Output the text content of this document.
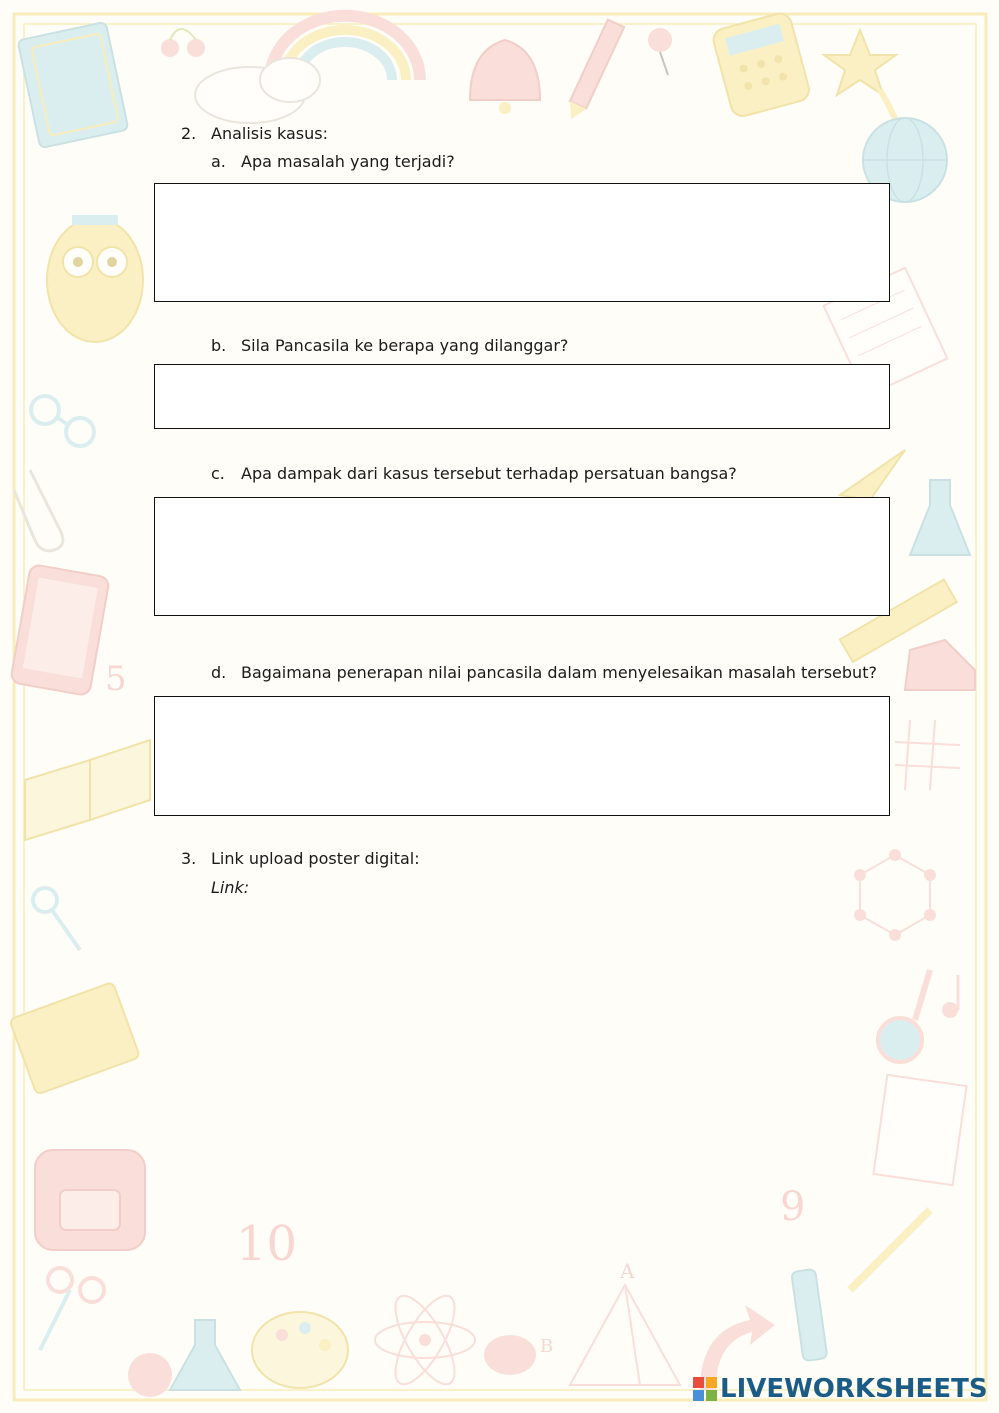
10
9
5
A
B
2. Analisis kasus:
a. Apa masalah yang terjadi?
b. Sila Pancasila ke berapa yang dilanggar?
c. Apa dampak dari kasus tersebut terhadap persatuan bangsa?
d. Bagaimana penerapan nilai pancasila dalam menyelesaikan masalah tersebut?
3. Link upload poster digital:
Link:
LIVEWORKSHEETS
